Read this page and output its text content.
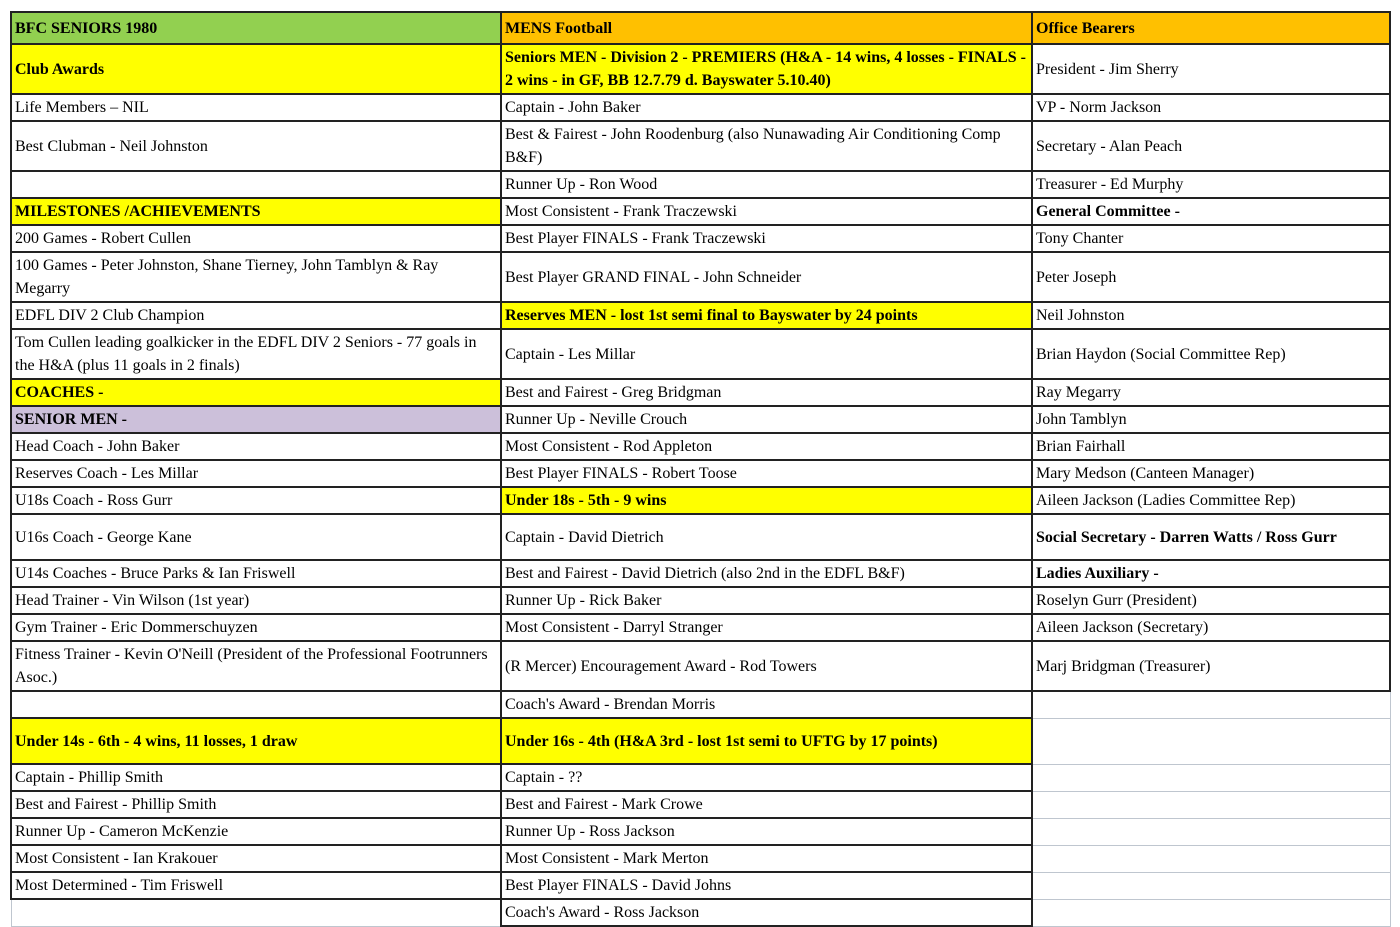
BFC SENIORS 1980	MENS Football	Office Bearers
Club Awards	Seniors MEN - Division 2 - PREMIERS (H&A - 14 wins, 4 losses - FINALS - 2 wins - in GF, BB 12.7.79 d. Bayswater 5.10.40)	President - Jim Sherry
Life Members – NIL	Captain - John Baker	VP - Norm Jackson
Best Clubman - Neil Johnston	Best & Fairest - John Roodenburg (also Nunawading Air Conditioning Comp B&F)	Secretary - Alan Peach
	Runner Up - Ron Wood	Treasurer - Ed Murphy
MILESTONES /ACHIEVEMENTS	Most Consistent - Frank Traczewski	General Committee -
200 Games - Robert Cullen	Best Player FINALS - Frank Traczewski	Tony Chanter
100 Games - Peter Johnston, Shane Tierney, John Tamblyn & Ray Megarry	Best Player GRAND FINAL - John Schneider	Peter Joseph
EDFL DIV 2 Club Champion	Reserves MEN - lost 1st semi final to Bayswater by 24 points	Neil Johnston
Tom Cullen leading goalkicker in the EDFL DIV 2 Seniors - 77 goals in the H&A (plus 11 goals in 2 finals)	Captain - Les Millar	Brian Haydon (Social Committee Rep)
COACHES -	Best and Fairest - Greg Bridgman	Ray Megarry
SENIOR MEN -	Runner Up - Neville Crouch	John Tamblyn
Head Coach - John Baker	Most Consistent - Rod Appleton	Brian Fairhall
Reserves Coach - Les Millar	Best Player FINALS - Robert Toose	Mary Medson (Canteen Manager)
U18s Coach - Ross Gurr	Under 18s - 5th - 9 wins	Aileen Jackson (Ladies Committee Rep)
U16s Coach - George Kane	Captain - David Dietrich	Social Secretary - Darren Watts / Ross Gurr
U14s Coaches - Bruce Parks & Ian Friswell	Best and Fairest - David Dietrich (also 2nd in the EDFL B&F)	Ladies Auxiliary -
Head Trainer - Vin Wilson (1st year)	Runner Up - Rick Baker	Roselyn Gurr (President)
Gym Trainer - Eric Dommerschuyzen	Most Consistent - Darryl Stranger	Aileen Jackson (Secretary)
Fitness Trainer - Kevin O'Neill (President of the Professional Footrunners Asoc.)	(R Mercer) Encouragement Award - Rod Towers	Marj Bridgman (Treasurer)
	Coach's Award - Brendan Morris	
Under 14s - 6th - 4 wins, 11 losses, 1 draw	Under 16s - 4th (H&A 3rd - lost 1st semi to UFTG by 17 points)	
Captain - Phillip Smith	Captain - ??	
Best and Fairest - Phillip Smith	Best and Fairest - Mark Crowe	
Runner Up - Cameron McKenzie	Runner Up - Ross Jackson	
Most Consistent - Ian Krakouer	Most Consistent - Mark Merton	
Most Determined - Tim Friswell	Best Player FINALS - David Johns	
	Coach's Award - Ross Jackson	
